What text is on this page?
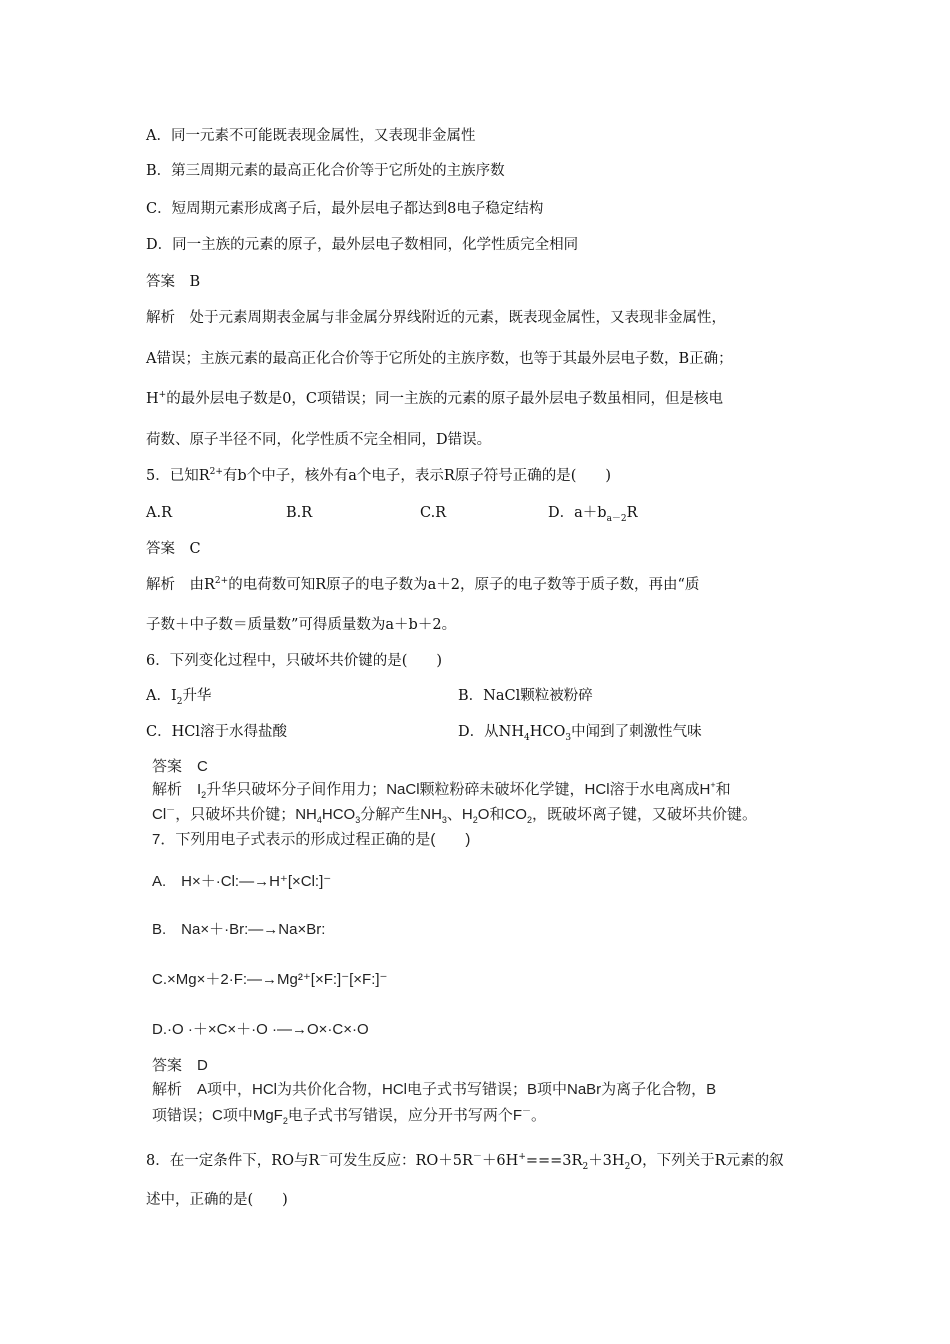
A．同一元素不可能既表现金属性，又表现非金属性
B．第三周期元素的最高正化合价等于它所处的主族序数
C．短周期元素形成离子后，最外层电子都达到8电子稳定结构
D．同一主族的元素的原子，最外层电子数相同，化学性质完全相同
答案　B
解析　处于元素周期表金属与非金属分界线附近的元素，既表现金属性，又表现非金属性，
A错误；主族元素的最高正化合价等于它所处的主族序数，也等于其最外层电子数，B正确；
H+的最外层电子数是0，C项错误；同一主族的元素的原子最外层电子数虽相同，但是核电
荷数、原子半径不同，化学性质不完全相同，D错误。
5．已知$R^{2+}$有b个中子，核外有a个电子，表示R原子符号正确的是(　　)
A.R	B.R	C.R	D．$a+b_{a-2}R$
答案　C
解析　由$R^{2+}$的电荷数可知R原子的电子数为a＋2，原子的电子数等于质子数，再由“质
子数＋中子数＝质量数”可得质量数为a＋b＋2。
6．下列变化过程中，只破坏共价键的是(　　)
A．$I_2$升华	B．NaCl颗粒被粉碎
C．HCl溶于水得盐酸	D．从$NH_4HCO_3$中闻到了刺激性气味
答案　C
解析　$I_2$升华只破坏分子间作用力；NaCl颗粒粉碎未破坏化学键，HCl溶于水电离成H+和
Cl－，只破坏共价键；$NH_4HCO_3$分解产生$NH_3$、$H_2O$和$CO_2$，既破坏离子键，又破坏共价键。
7．下列用电子式表示的形成过程正确的是(　　)
A.　H×＋·Cl:—→H⁺[×Cl:]⁻
B.　Na×＋·Br:—→Na×Br:
C.×Mg×＋2·F:—→Mg²⁺[×F:]⁻[×F:]⁻
D.·O ·＋×C×＋·O ·—→O×·C×·O
答案　D
解析　A项中，HCl为共价化合物，HCl电子式书写错误；B项中NaBr为离子化合物，B
项错误；C项中MgF$_2$电子式书写错误，应分开书写两个F－。
8．在一定条件下，RO与R－可发生反应：$RO+5R^-+6H^+===3R_2+3H_2O$，下列关于R元素的叙
述中，正确的是(　　)
